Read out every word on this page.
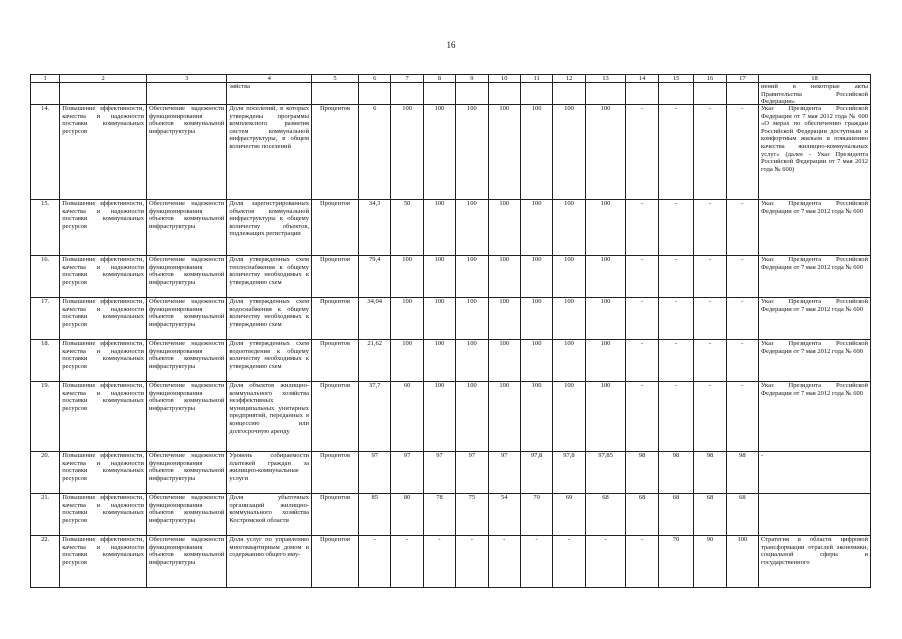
16
1	2	3	4	5	6	7	8	9	10	11	12	13	14	15	16	17	18

			зяйства														нений в некоторые акты Правительства Российской Федерации»

14.	Повышение эффективности, качества и надежности поставки коммунальных ресурсов	Обеспечение надежности функционирования объектов коммунальной инфраструктуры	Доля поселений, в которых утверждены программы комплексного развития систем коммунальной инфраструктуры, в общем количестве поселений	Процентов	6	100	100	100	100	100	100	100	-	-	-	-	Указ Президента Российской Федерации от 7 мая 2012 года № 600 «О мерах по обеспечению граждан Российской Федерации доступным и комфортным жильем и повышению качества жилищно-коммунальных услуг» (далее - Указ Президента Российской Федерации от 7 мая 2012 года № 600)

15.	Повышение эффективности, качества и надежности поставки коммунальных ресурсов	Обеспечение надежности функционирования объектов коммунальной инфраструктуры	Доля зарегистрированных объектов коммунальной инфраструктуры к общему количеству объектов, подлежащих регистрации	Процентов	34,3	50	100	100	100	100	100	100	-	-	-	-	Указ Президента Российской Федерации от 7 мая 2012 года № 600

16.	Повышение эффективности, качества и надежности поставки коммунальных ресурсов	Обеспечение надежности функционирования объектов коммунальной инфраструктуры	Доля утвержденных схем теплоснабжения к общему количеству необходимых к утверждению схем	Процентов	79,4	100	100	100	100	100	100	100	-	-	-	-	Указ Президента Российской Федерации от 7 мая 2012 года № 600

17.	Повышение эффективности, качества и надежности поставки коммунальных ресурсов	Обеспечение надежности функционирования объектов коммунальной инфраструктуры	Доля утвержденных схем водоснабжения к общему количеству необходимых к утверждению схем	Процентов	34,04	100	100	100	100	100	100	100	-	-	-	-	Указ Президента Российской Федерации от 7 мая 2012 года № 600

18.	Повышение эффективности, качества и надежности поставки коммунальных ресурсов	Обеспечение надежности функционирования объектов коммунальной инфраструктуры	Доля утвержденных схем водоотведения к общему количеству необходимых к утверждению схем	Процентов	21,62	100	100	100	100	100	100	100	-	-	-	-	Указ Президента Российской Федерации от 7 мая 2012 года № 600

19.	Повышение эффективности, качества и надежности поставки коммунальных ресурсов	Обеспечение надежности функционирования объектов коммунальной инфраструктуры	Доля объектов жилищно-коммунального хозяйства неэффективных муниципальных унитарных предприятий, переданных в концессию или долгосрочную аренду	Процентов	37,7	60	100	100	100	100	100	100	-	-	-	-	Указ Президента Российской Федерации от 7 мая 2012 года № 600

20.	Повышение эффективности, качества и надежности поставки коммунальных ресурсов	Обеспечение надежности функционирования объектов коммунальной инфраструктуры	Уровень собираемости платежей граждан за жилищно-коммунальные услуги	Процентов	97	97	97	97	97	97,8	97,8	97,85	98	98	98	98	-

21.	Повышение эффективности, качества и надежности поставки коммунальных ресурсов	Обеспечение надежности функционирования объектов коммунальной инфраструктуры	Доля убыточных организаций жилищно-коммунального хозяйства Костромской области	Процентов	85	80	78	75	54	70	69	68	68	68	68	68	

22.	Повышение эффективности, качества и надежности поставки коммунальных ресурсов	Обеспечение надежности функционирования объектов коммунальной инфраструктуры	Доля услуг по управлению многоквартирным домом и содержанию общего иму-	Процентов	-	-	-	-	-	-	-	-	-	70	90	100	Стратегия в области цифровой трансформации отраслей экономики, социальной сферы и государственного
